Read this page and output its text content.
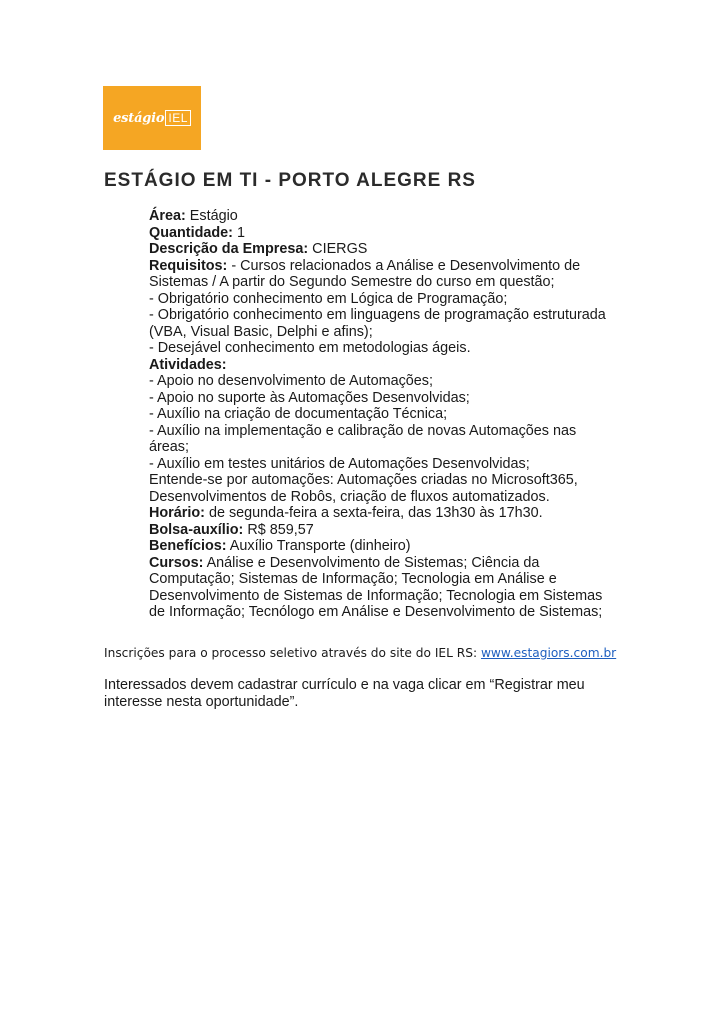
estágio IEL
ESTÁGIO EM TI - PORTO ALEGRE RS
Área: Estágio
Quantidade: 1
Descrição da Empresa: CIERGS
Requisitos: - Cursos relacionados a Análise e Desenvolvimento de
Sistemas / A partir do Segundo Semestre do curso em questão;
- Obrigatório conhecimento em Lógica de Programação;
- Obrigatório conhecimento em linguagens de programação estruturada
(VBA, Visual Basic, Delphi e afins);
- Desejável conhecimento em metodologias ágeis.
Atividades:
- Apoio no desenvolvimento de Automações;
- Apoio no suporte às Automações Desenvolvidas;
- Auxílio na criação de documentação Técnica;
- Auxílio na implementação e calibração de novas Automações nas
áreas;
- Auxílio em testes unitários de Automações Desenvolvidas;
Entende-se por automações: Automações criadas no Microsoft365,
Desenvolvimentos de Robôs, criação de fluxos automatizados.
Horário: de segunda-feira a sexta-feira, das 13h30 às 17h30.
Bolsa-auxílio: R$ 859,57
Benefícios: Auxílio Transporte (dinheiro)
Cursos: Análise e Desenvolvimento de Sistemas; Ciência da
Computação; Sistemas de Informação; Tecnologia em Análise e
Desenvolvimento de Sistemas de Informação; Tecnologia em Sistemas
de Informação; Tecnólogo em Análise e Desenvolvimento de Sistemas;
Inscrições para o processo seletivo através do site do IEL RS: www.estagiors.com.br
Interessados devem cadastrar currículo e na vaga clicar em “Registrar meu interesse nesta oportunidade”.
